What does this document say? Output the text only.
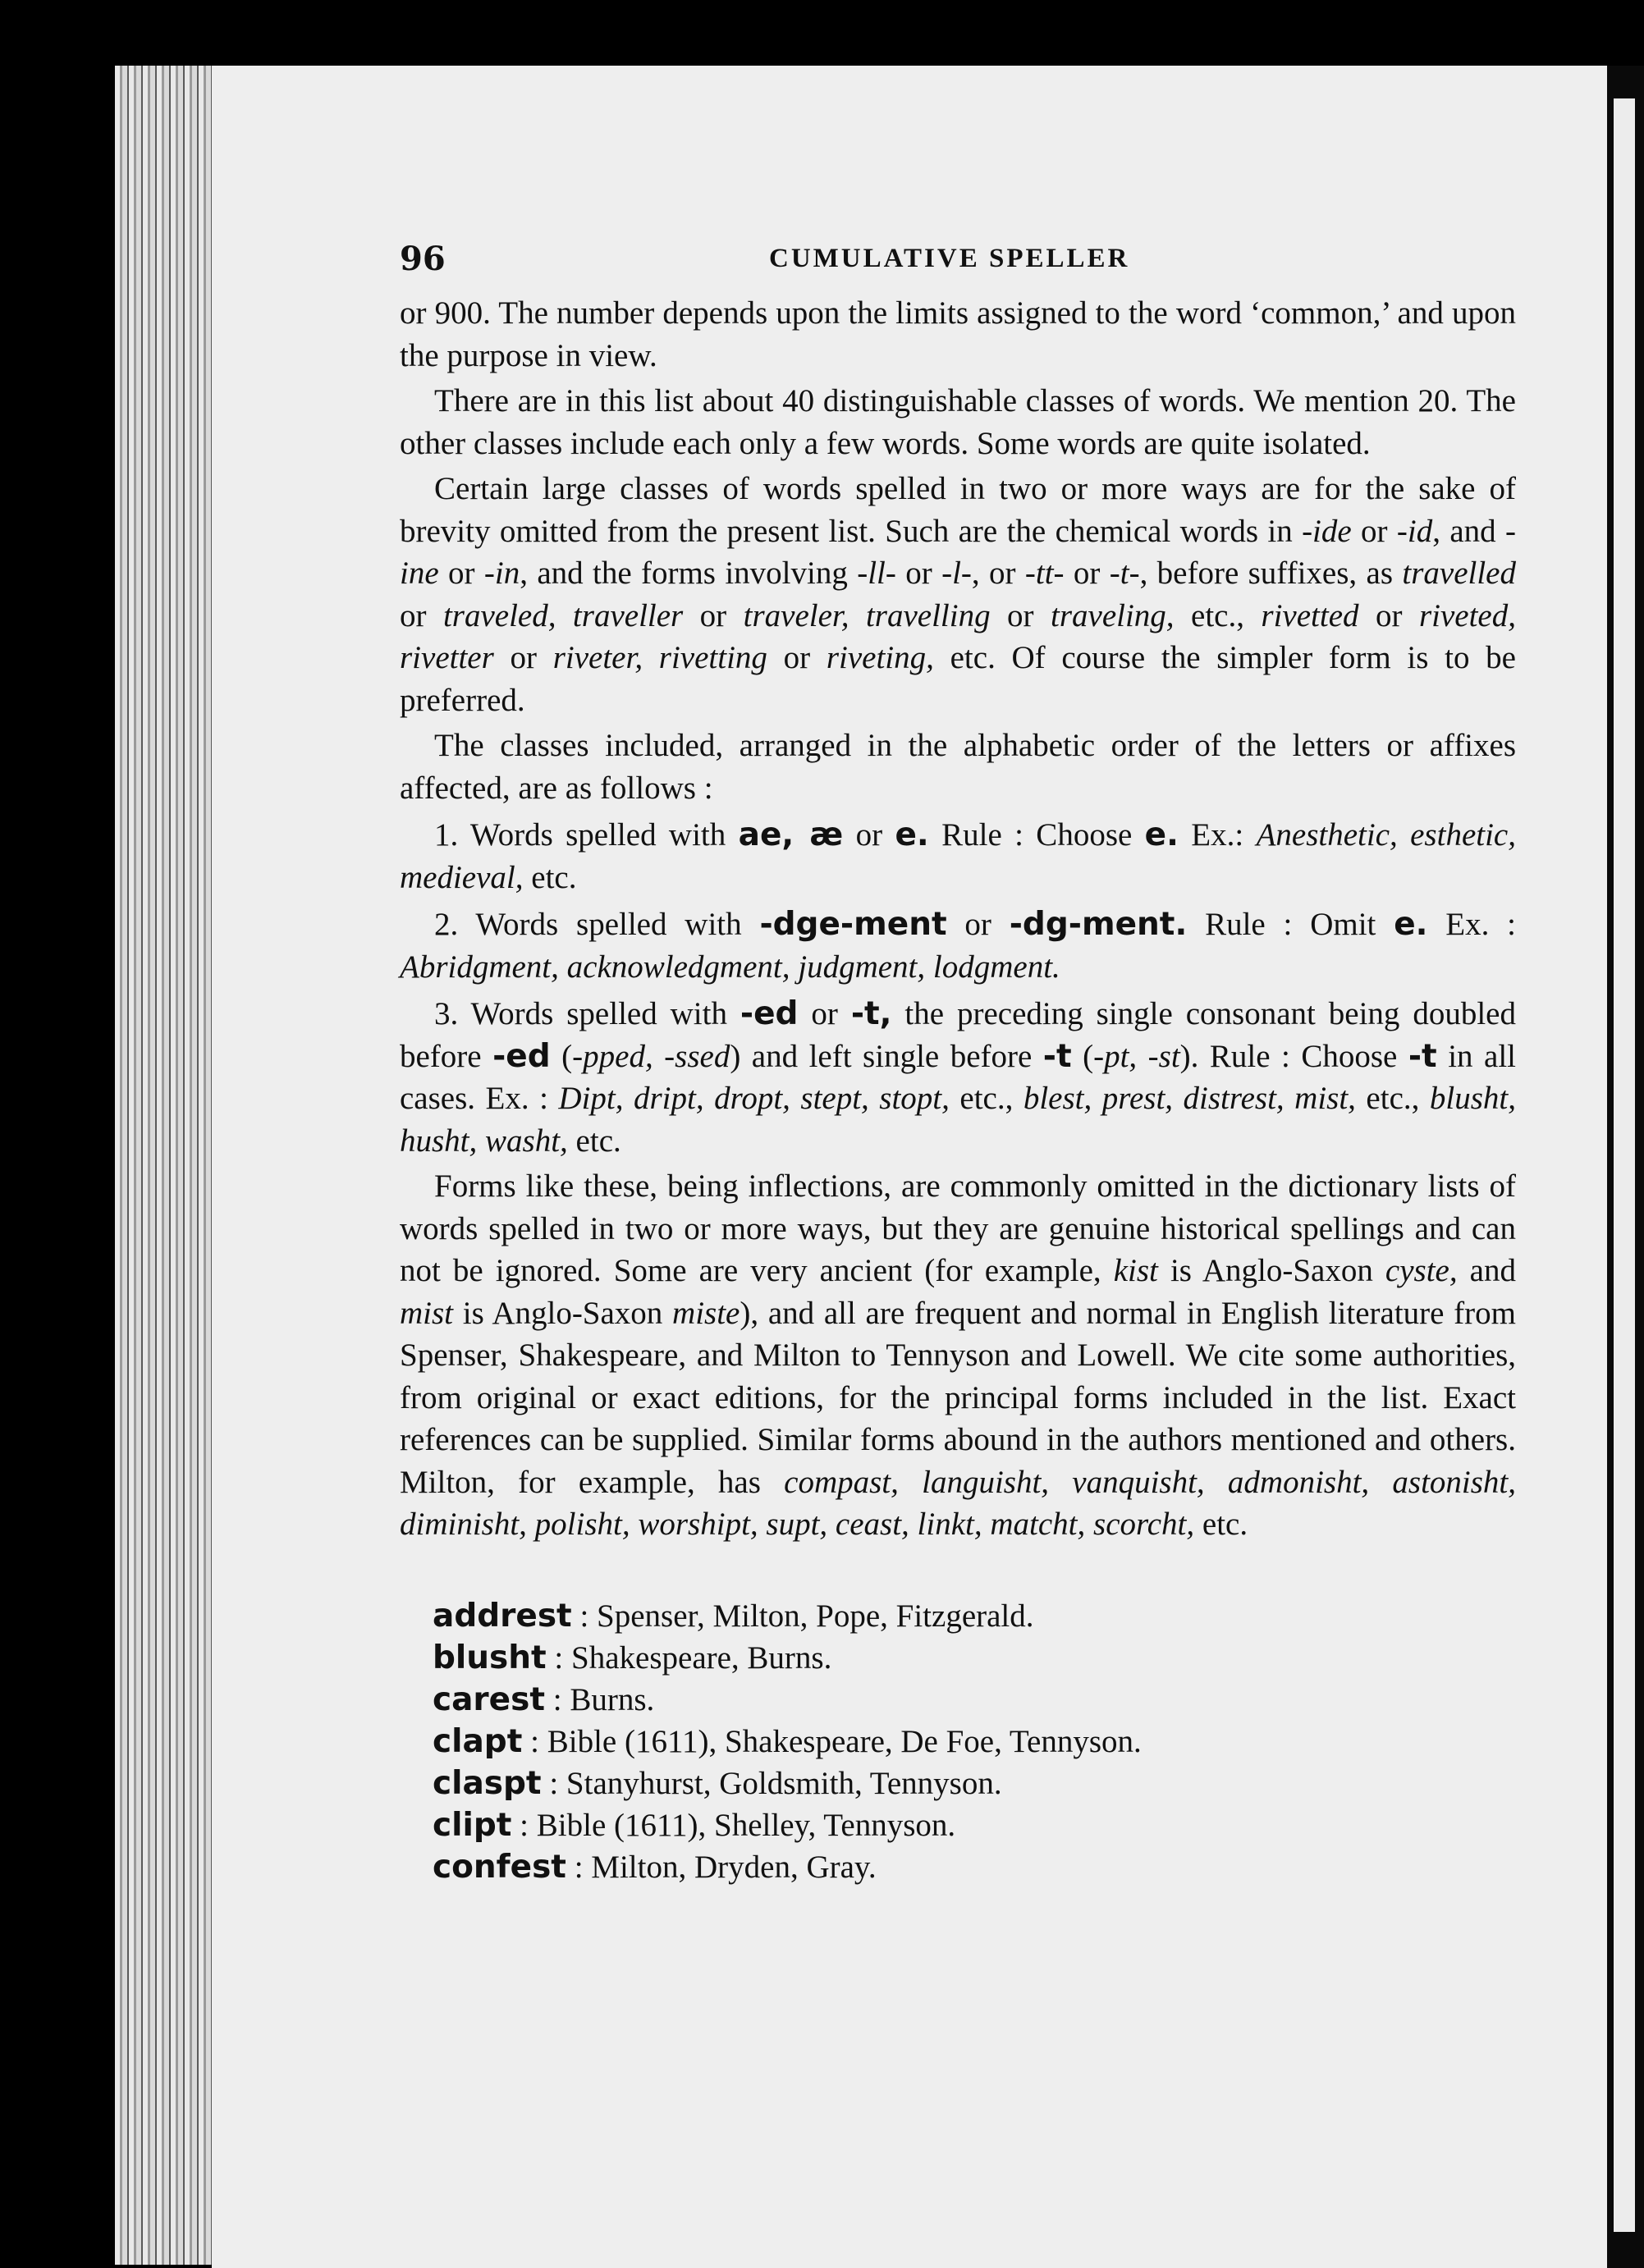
96	CUMULATIVE SPELLER

or 900. The number depends upon the limits assigned to the word ‘common,’ and upon the purpose in view.

There are in this list about 40 distinguishable classes of words. We mention 20. The other classes include each only a few words. Some words are quite isolated.

Certain large classes of words spelled in two or more ways are for the sake of brevity omitted from the present list. Such are the chemical words in -ide or -id, and -ine or -in, and the forms involving -ll- or -l-, or -tt- or -t-, before suffixes, as travelled or traveled, traveller or traveler, travelling or traveling, etc., rivetted or riveted, rivetter or riveter, rivetting or riveting, etc. Of course the simpler form is to be preferred.

The classes included, arranged in the alphabetic order of the letters or affixes affected, are as follows :

1. Words spelled with ae, æ or e. Rule : Choose e. Ex.: Anesthetic, esthetic, medieval, etc.

2. Words spelled with -dge-ment or -dg-ment. Rule : Omit e. Ex. : Abridgment, acknowledgment, judgment, lodgment.

3. Words spelled with -ed or -t, the preceding single consonant being doubled before -ed (-pped, -ssed) and left single before -t (-pt, -st). Rule : Choose -t in all cases. Ex. : Dipt, dript, dropt, stept, stopt, etc., blest, prest, distrest, mist, etc., blusht, husht, washt, etc.

Forms like these, being inflections, are commonly omitted in the dictionary lists of words spelled in two or more ways, but they are genuine historical spellings and can not be ignored. Some are very ancient (for example, kist is Anglo-Saxon cyste, and mist is Anglo-Saxon miste), and all are frequent and normal in English literature from Spenser, Shakespeare, and Milton to Tennyson and Lowell. We cite some authorities, from original or exact editions, for the principal forms included in the list. Exact references can be supplied. Similar forms abound in the authors mentioned and others. Milton, for example, has compast, languisht, vanquisht, admonisht, astonisht, diminisht, polisht, worshipt, supt, ceast, linkt, matcht, scorcht, etc.

addrest : Spenser, Milton, Pope, Fitzgerald.
blusht : Shakespeare, Burns.
carest : Burns.
clapt : Bible (1611), Shakespeare, De Foe, Tennyson.
claspt : Stanyhurst, Goldsmith, Tennyson.
clipt : Bible (1611), Shelley, Tennyson.
confest : Milton, Dryden, Gray.
